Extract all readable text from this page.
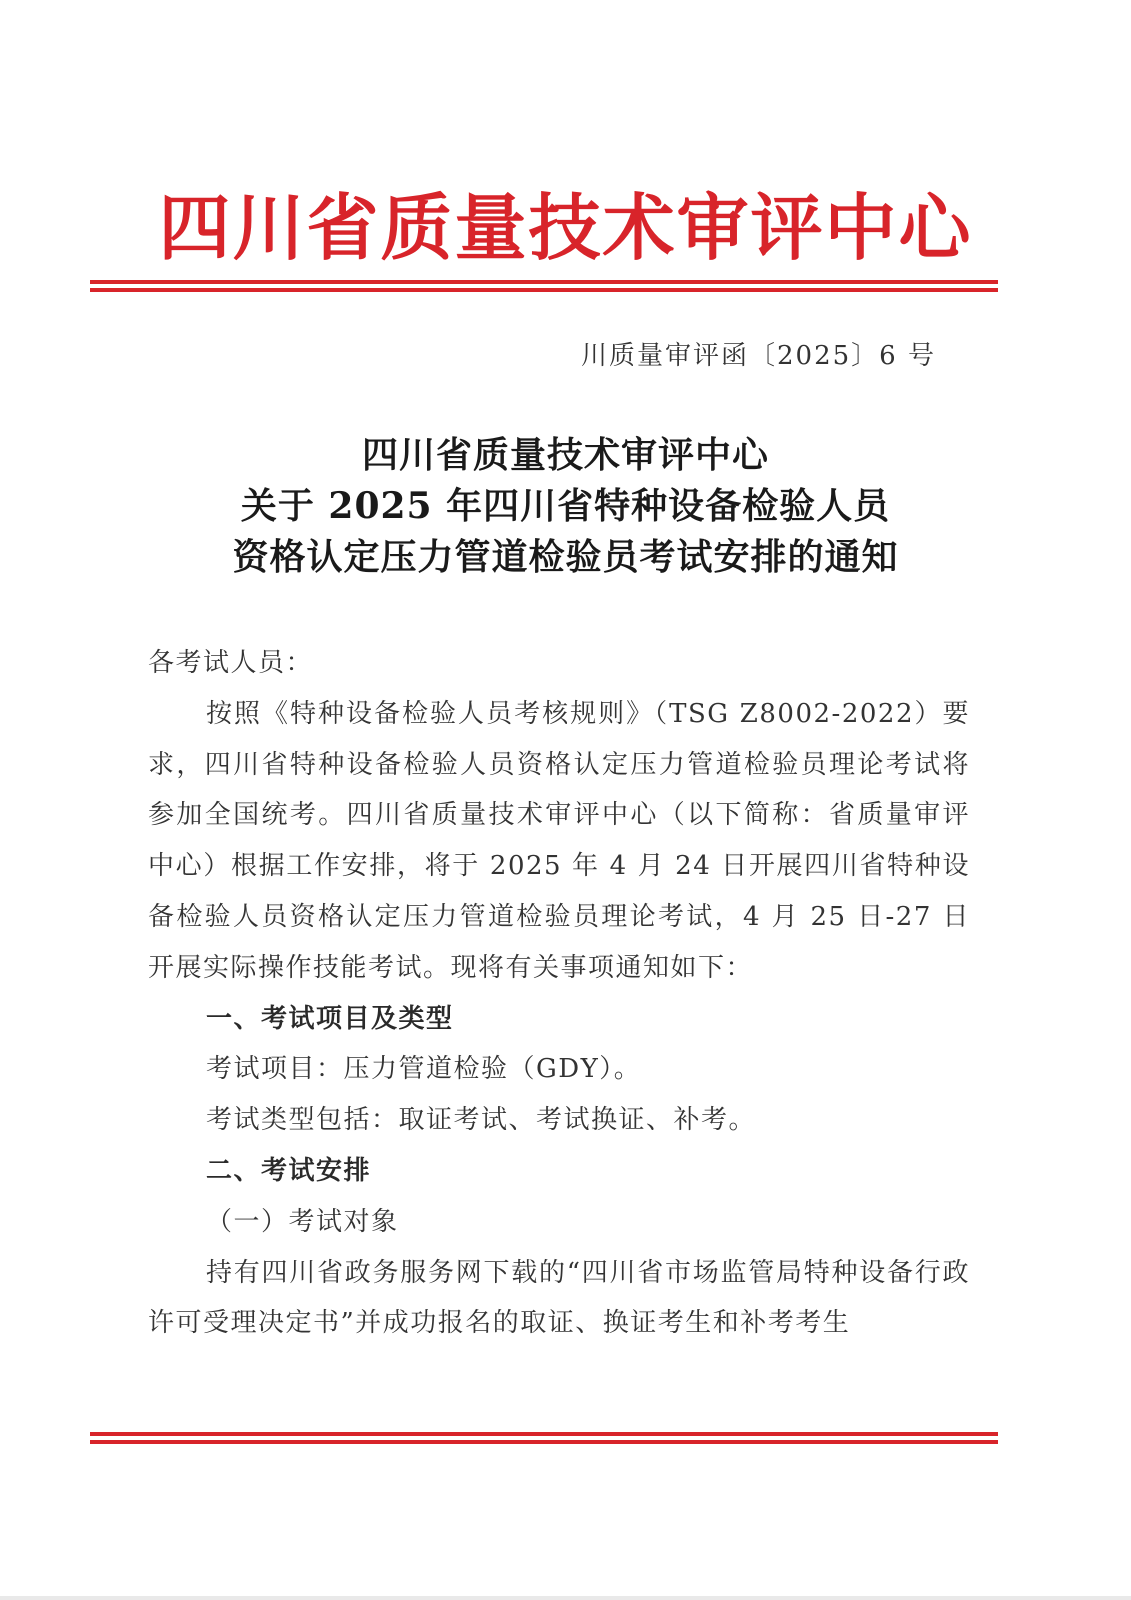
四川省质量技术审评中心
川质量审评函〔2025〕6 号
四川省质量技术审评中心
关于 2025 年四川省特种设备检验人员
资格认定压力管道检验员考试安排的通知

各考试人员：

按照《特种设备检验人员考核规则》（TSG Z8002-2022）要求，四川省特种设备检验人员资格认定压力管道检验员理论考试将参加全国统考。四川省质量技术审评中心（以下简称：省质量审评中心）根据工作安排，将于 2025 年 4 月 24 日开展四川省特种设备检验人员资格认定压力管道检验员理论考试，4 月 25 日-27 日开展实际操作技能考试。现将有关事项通知如下：

一、考试项目及类型

考试项目：压力管道检验（GDY）。

考试类型包括：取证考试、考试换证、补考。

二、考试安排

（一）考试对象

持有四川省政务服务网下载的“四川省市场监管局特种设备行政许可受理决定书”并成功报名的取证、换证考生和补考考生
